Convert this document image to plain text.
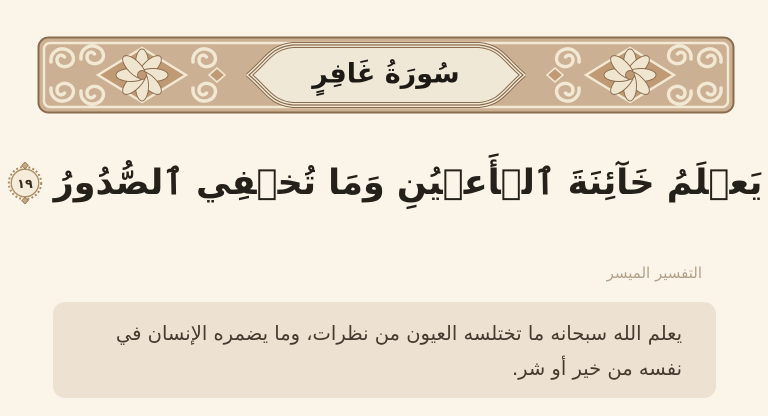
سُورَةُ غَافِرٍ
يَعۡلَمُ خَآئِنَةَ ٱلۡأَعۡيُنِ وَمَا تُخۡفِي ٱلصُّدُورُ
١٩
التفسير الميسر
يعلم الله سبحانه ما تختلسه العيون من نظرات، وما يضمره الإنسان في نفسه من خير أو شر.
